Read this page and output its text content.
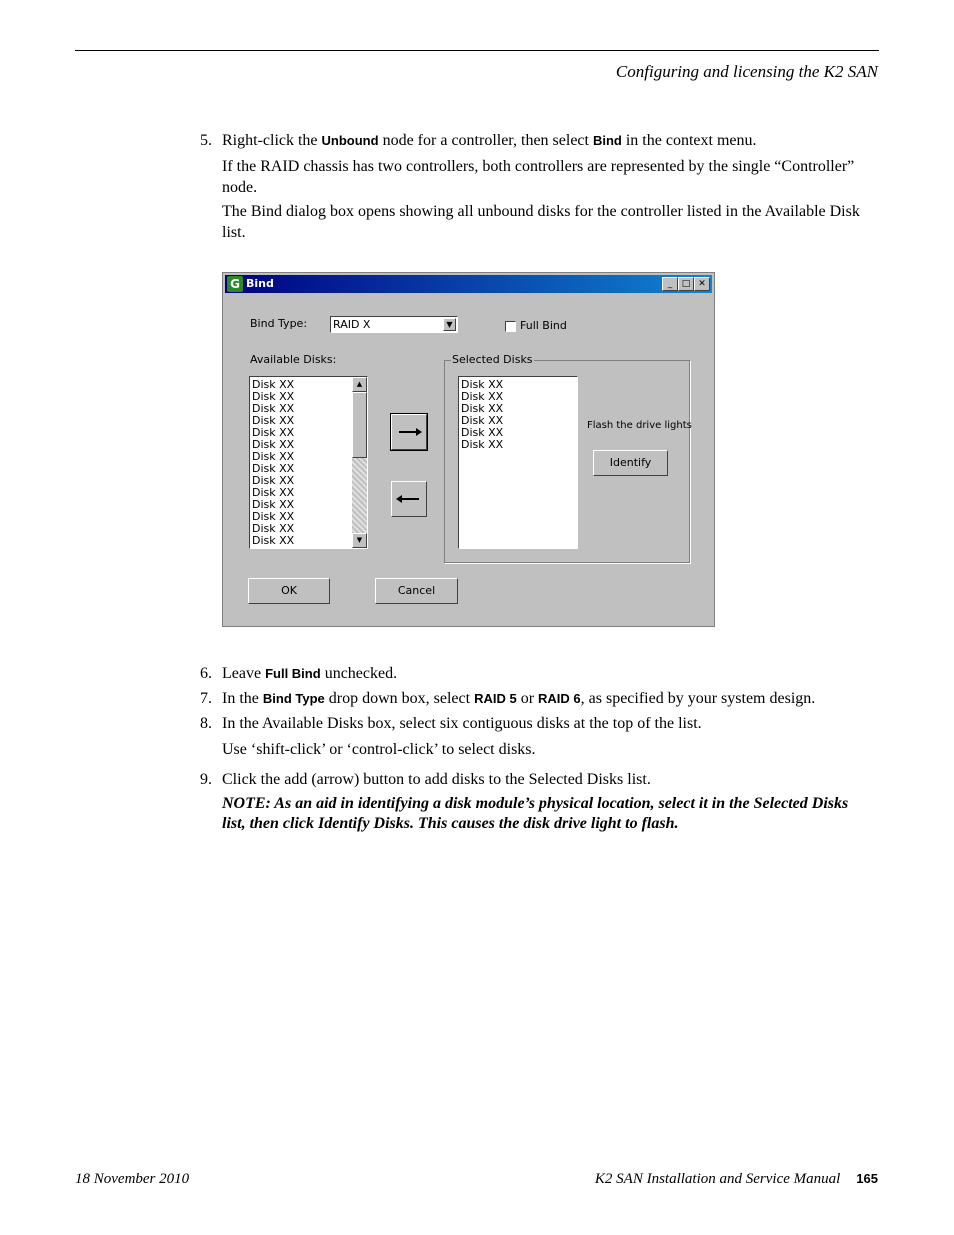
Configuring and licensing the K2 SAN
5. Right-click the Unbound node for a controller, then select Bind in the context menu.
If the RAID chassis has two controllers, both controllers are represented by the single “Controller” node.
The Bind dialog box opens showing all unbound disks for the controller listed in the Available Disk list.
G Bind	_	□ ✕
Bind Type: RAID X	▼	Full Bind
Available Disks:
Disk XX
Disk XX
Disk XX
Disk XX
Disk XX
Disk XX
Disk XX
Disk XX
Disk XX
Disk XX
Disk XX
Disk XX
Disk XX
Disk XX
▲
▼
Selected Disks
Disk XX
Disk XX
Disk XX
Disk XX
Disk XX
Disk XX
Flash the drive lights
Identify
OK	Cancel
6. Leave Full Bind unchecked.
7. In the Bind Type drop down box, select RAID 5 or RAID 6, as specified by your system design.
8. In the Available Disks box, select six contiguous disks at the top of the list.
Use ‘shift-click’ or ‘control-click’ to select disks.
9. Click the add (arrow) button to add disks to the Selected Disks list.
NOTE: As an aid in identifying a disk module’s physical location, select it in the Selected Disks list, then click Identify Disks. This causes the disk drive light to flash.
18 November 2010	K2 SAN Installation and Service Manual 165
